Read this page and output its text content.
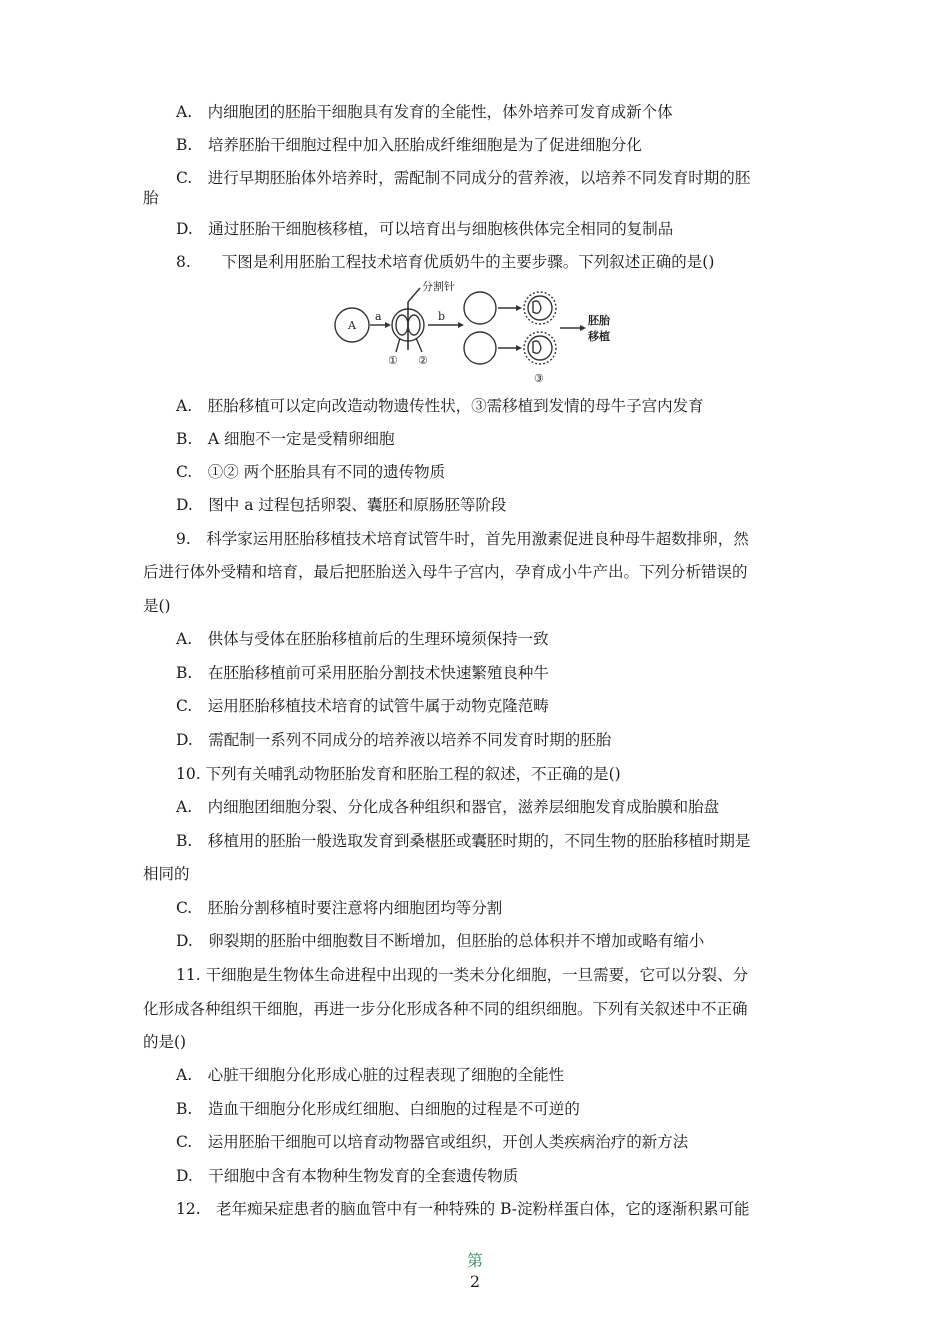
A.　内细胞团的胚胎干细胞具有发育的全能性，体外培养可发育成新个体
B.　培养胚胎干细胞过程中加入胚胎成纤维细胞是为了促进细胞分化
C.　进行早期胚胎体外培养时，需配制不同成分的营养液，以培养不同发育时期的胚
胎
D.　通过胚胎干细胞核移植，可以培育出与细胞核供体完全相同的复制品
8.　　下图是利用胚胎工程技术培育优质奶牛的主要步骤。下列叙述正确的是()
A
a
分割针
① ②
b
③
胚胎
移植
A.　胚胎移植可以定向改造动物遗传性状，③需移植到发情的母牛子宫内发育
B.　A 细胞不一定是受精卵细胞
C.　①② 两个胚胎具有不同的遗传物质
D.　图中 a 过程包括卵裂、囊胚和原肠胚等阶段
9.　科学家运用胚胎移植技术培育试管牛时，首先用激素促进良种母牛超数排卵，然
后进行体外受精和培育，最后把胚胎送入母牛子宫内，孕育成小牛产出。下列分析错误的
是()
A.　供体与受体在胚胎移植前后的生理环境须保持一致
B.　在胚胎移植前可采用胚胎分割技术快速繁殖良种牛
C.　运用胚胎移植技术培育的试管牛属于动物克隆范畴
D.　需配制一系列不同成分的培养液以培养不同发育时期的胚胎
10. 下列有关哺乳动物胚胎发育和胚胎工程的叙述，不正确的是()
A.　内细胞团细胞分裂、分化成各种组织和器官，滋养层细胞发育成胎膜和胎盘
B.　移植用的胚胎一般选取发育到桑椹胚或囊胚时期的，不同生物的胚胎移植时期是
相同的
C.　胚胎分割移植时要注意将内细胞团均等分割
D.　卵裂期的胚胎中细胞数目不断增加，但胚胎的总体积并不增加或略有缩小
11. 干细胞是生物体生命进程中出现的一类未分化细胞，一旦需要，它可以分裂、分
化形成各种组织干细胞，再进一步分化形成各种不同的组织细胞。下列有关叙述中不正确
的是()
A.　心脏干细胞分化形成心脏的过程表现了细胞的全能性
B.　造血干细胞分化形成红细胞、白细胞的过程是不可逆的
C.　运用胚胎干细胞可以培育动物器官或组织，开创人类疾病治疗的新方法
D.　干细胞中含有本物种生物发育的全套遗传物质
12.　老年痴呆症患者的脑血管中有一种特殊的 B-淀粉样蛋白体，它的逐渐积累可能
第
2
